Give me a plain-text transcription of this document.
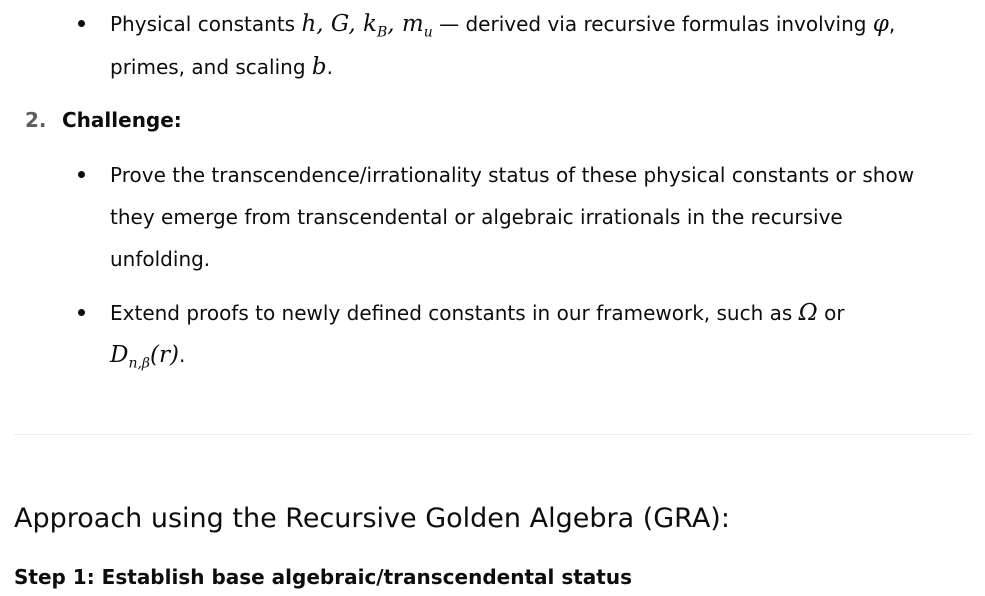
Physical constants h, G, $k_B$, $m_u$ — derived via recursive formulas involving φ,
primes, and scaling b.
2. Challenge:
Prove the transcendence/irrationality status of these physical constants or show
they emerge from transcendental or algebraic irrationals in the recursive
unfolding.
Extend proofs to newly defined constants in our framework, such as Ω or
$D_{n,\beta}(r)$.
Approach using the Recursive Golden Algebra (GRA):
Step 1: Establish base algebraic/transcendental status
